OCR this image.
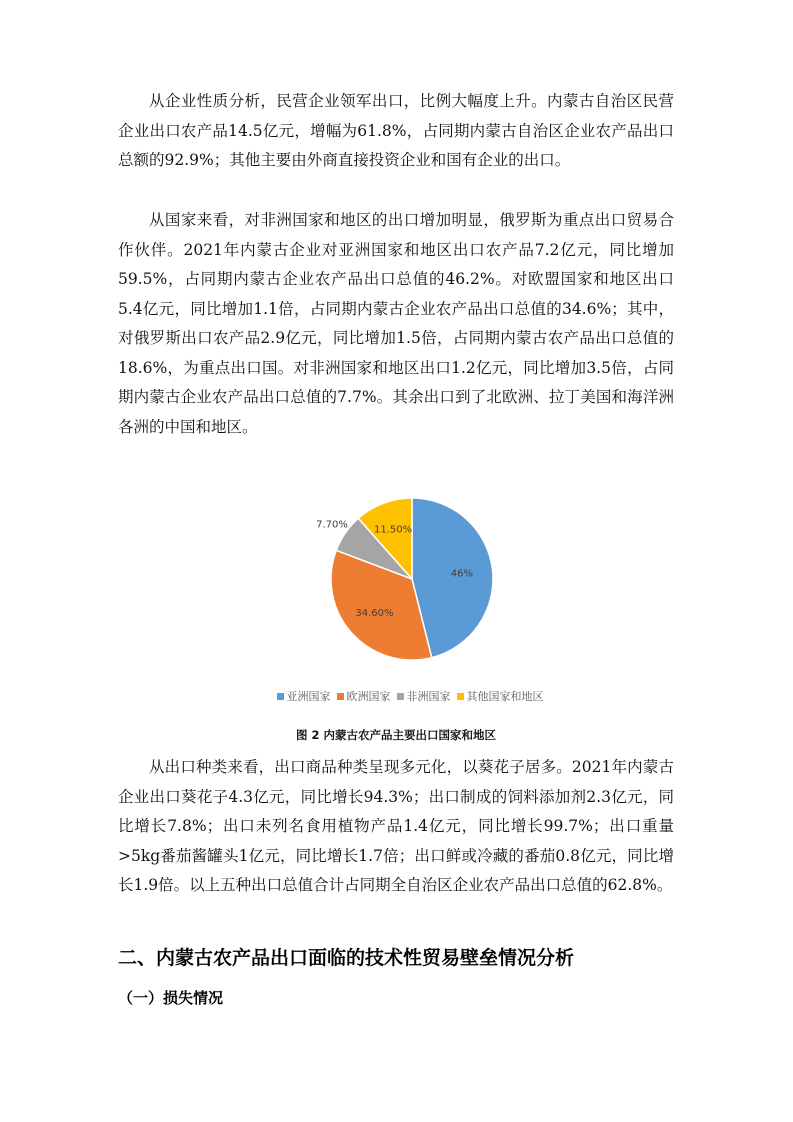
从企业性质分析，民营企业领军出口，比例大幅度上升。内蒙古自治区民营企业出口农产品14.5亿元，增幅为61.8%，占同期内蒙古自治区企业农产品出口总额的92.9%；其他主要由外商直接投资企业和国有企业的出口。

从国家来看，对非洲国家和地区的出口增加明显，俄罗斯为重点出口贸易合作伙伴。2021年内蒙古企业对亚洲国家和地区出口农产品7.2亿元，同比增加59.5%，占同期内蒙古企业农产品出口总值的46.2%。对欧盟国家和地区出口5.4亿元，同比增加1.1倍，占同期内蒙古企业农产品出口总值的34.6%；其中，对俄罗斯出口农产品2.9亿元，同比增加1.5倍，占同期内蒙古农产品出口总值的18.6%，为重点出口国。对非洲国家和地区出口1.2亿元，同比增加3.5倍，占同期内蒙古企业农产品出口总值的7.7%。其余出口到了北欧洲、拉丁美国和海洋洲各洲的中国和地区。

46%
34.60%
7.70%	11.50%
亚洲国家 欧洲国家 非洲国家 其他国家和地区
图 2 内蒙古农产品主要出口国家和地区

从出口种类来看，出口商品种类呈现多元化，以葵花子居多。2021年内蒙古企业出口葵花子4.3亿元，同比增长94.3%；出口制成的饲料添加剂2.3亿元，同比增长7.8%；出口未列名食用植物产品1.4亿元，同比增长99.7%；出口重量>5kg番茄酱罐头1亿元，同比增长1.7倍；出口鲜或冷藏的番茄0.8亿元，同比增长1.9倍。以上五种出口总值合计占同期全自治区企业农产品出口总值的62.8%。

二、内蒙古农产品出口面临的技术性贸易壁垒情况分析
（一）损失情况
